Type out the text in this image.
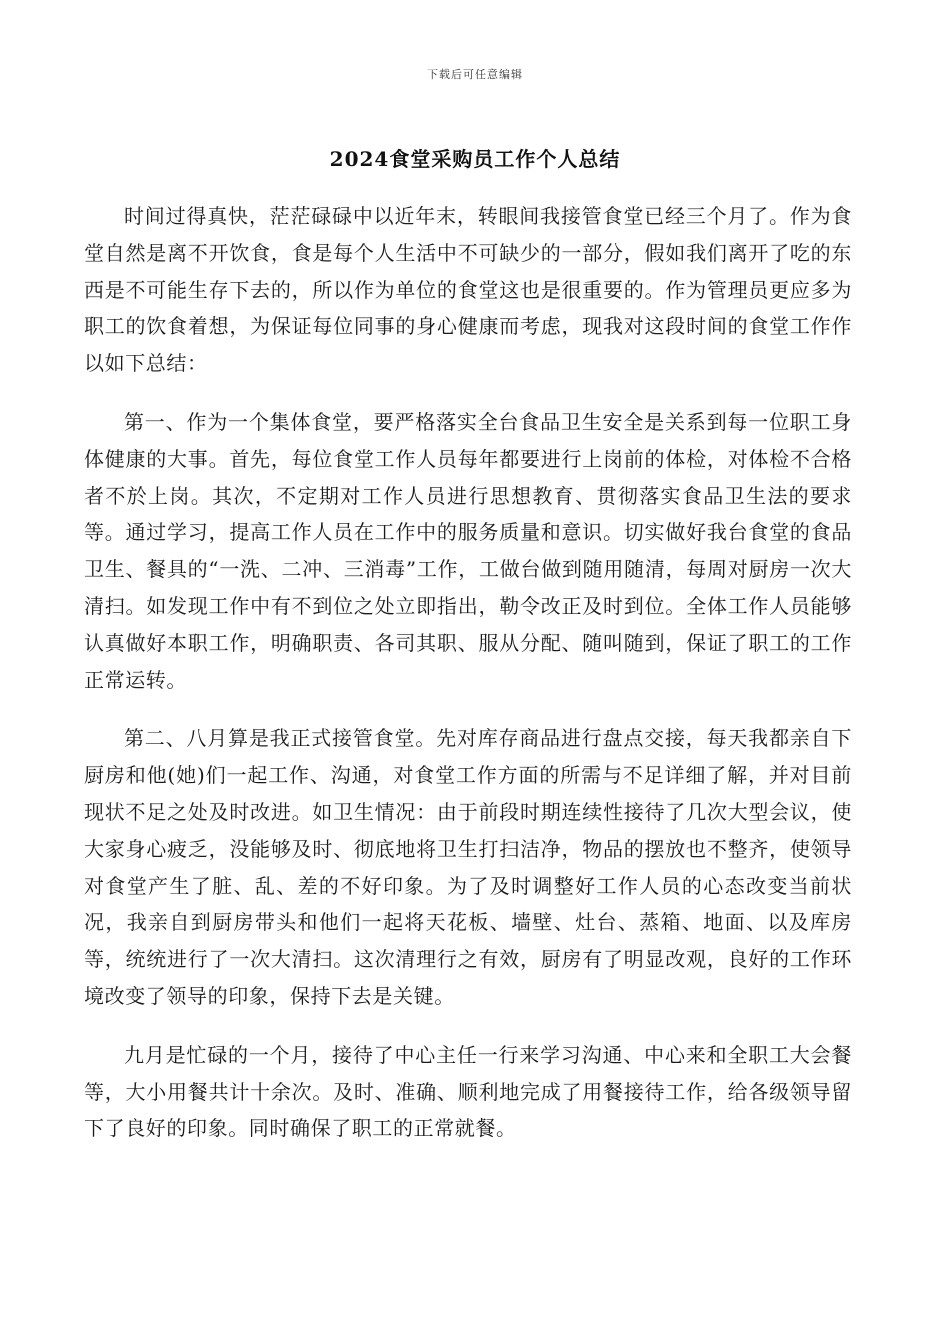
下载后可任意编辑
2024食堂采购员工作个人总结

时间过得真快，茫茫碌碌中以近年末，转眼间我接管食堂已经三个月了。作为食堂自然是离不开饮食，食是每个人生活中不可缺少的一部分，假如我们离开了吃的东西是不可能生存下去的，所以作为单位的食堂这也是很重要的。作为管理员更应多为职工的饮食着想，为保证每位同事的身心健康而考虑，现我对这段时间的食堂工作作以如下总结：

第一、作为一个集体食堂，要严格落实全台食品卫生安全是关系到每一位职工身体健康的大事。首先，每位食堂工作人员每年都要进行上岗前的体检，对体检不合格者不於上岗。其次，不定期对工作人员进行思想教育、贯彻落实食品卫生法的要求等。通过学习，提高工作人员在工作中的服务质量和意识。切实做好我台食堂的食品卫生、餐具的“一洗、二冲、三消毒”工作，工做台做到随用随清，每周对厨房一次大清扫。如发现工作中有不到位之处立即指出，勒令改正及时到位。全体工作人员能够认真做好本职工作，明确职责、各司其职、服从分配、随叫随到，保证了职工的工作正常运转。

第二、八月算是我正式接管食堂。先对库存商品进行盘点交接，每天我都亲自下厨房和他(她)们一起工作、沟通，对食堂工作方面的所需与不足详细了解，并对目前现状不足之处及时改进。如卫生情况：由于前段时期连续性接待了几次大型会议，使大家身心疲乏，没能够及时、彻底地将卫生打扫洁净，物品的摆放也不整齐，使领导对食堂产生了脏、乱、差的不好印象。为了及时调整好工作人员的心态改变当前状况，我亲自到厨房带头和他们一起将天花板、墙壁、灶台、蒸箱、地面、以及库房等，统统进行了一次大清扫。这次清理行之有效，厨房有了明显改观，良好的工作环境改变了领导的印象，保持下去是关键。

九月是忙碌的一个月，接待了中心主任一行来学习沟通、中心来和全职工大会餐等，大小用餐共计十余次。及时、准确、顺利地完成了用餐接待工作，给各级领导留下了良好的印象。同时确保了职工的正常就餐。
